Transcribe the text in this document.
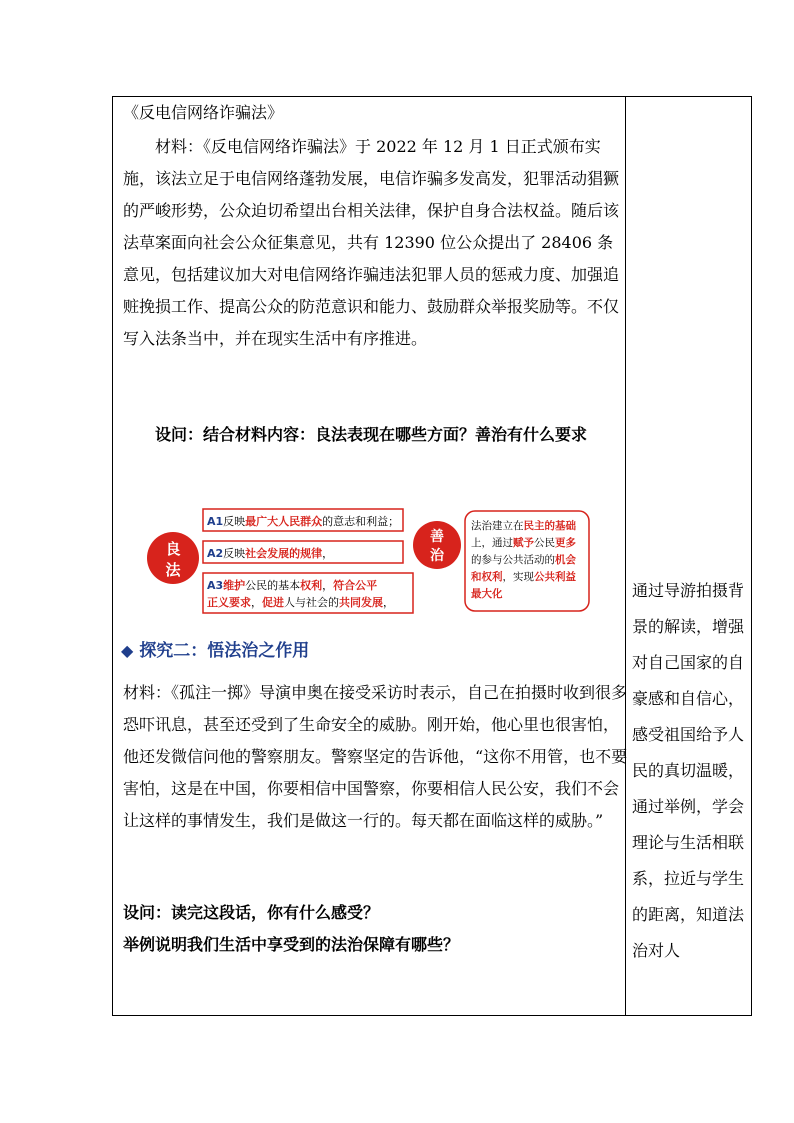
《反电信网络诈骗法》

材料：《反电信网络诈骗法》于 2022 年 12 月 1 日正式颁布实施，该法立足于电信网络蓬勃发展，电信诈骗多发高发，犯罪活动猖獗的严峻形势，公众迫切希望出台相关法律，保护自身合法权益。随后该法草案面向社会公众征集意见，共有 12390 位公众提出了 28406 条意见，包括建议加大对电信网络诈骗违法犯罪人员的惩戒力度、加强追赃挽损工作、提高公众的防范意识和能力、鼓励群众举报奖励等。不仅写入法条当中，并在现实生活中有序推进。

设问：结合材料内容：良法表现在哪些方面？善治有什么要求

良
法
A1反映最广大人民群众的意志和利益；
A2反映社会发展的规律，
A3维护公民的基本权利，符合公平
正义要求，促进人与社会的共同发展，
善
治
法治建立在民主的基础
上，通过赋予公民更多
的参与公共活动的机会
和权利，实现公共利益
最大化
◆ 探究二：悟法治之作用

材料：《孤注一掷》导演申奥在接受采访时表示，自己在拍摄时收到很多恐吓讯息，甚至还受到了生命安全的威胁。刚开始，他心里也很害怕，他还发微信问他的警察朋友。警察坚定的告诉他，“这你不用管，也不要害怕，这是在中国，你要相信中国警察，你要相信人民公安，我们不会让这样的事情发生，我们是做这一行的。每天都在面临这样的威胁。”

设问：读完这段话，你有什么感受？

举例说明我们生活中享受到的法治保障有哪些？

通过导游拍摄背景的解读，增强对自己国家的自豪感和自信心，感受祖国给予人民的真切温暖，通过举例，学会理论与生活相联系，拉近与学生的距离，知道法治对人
